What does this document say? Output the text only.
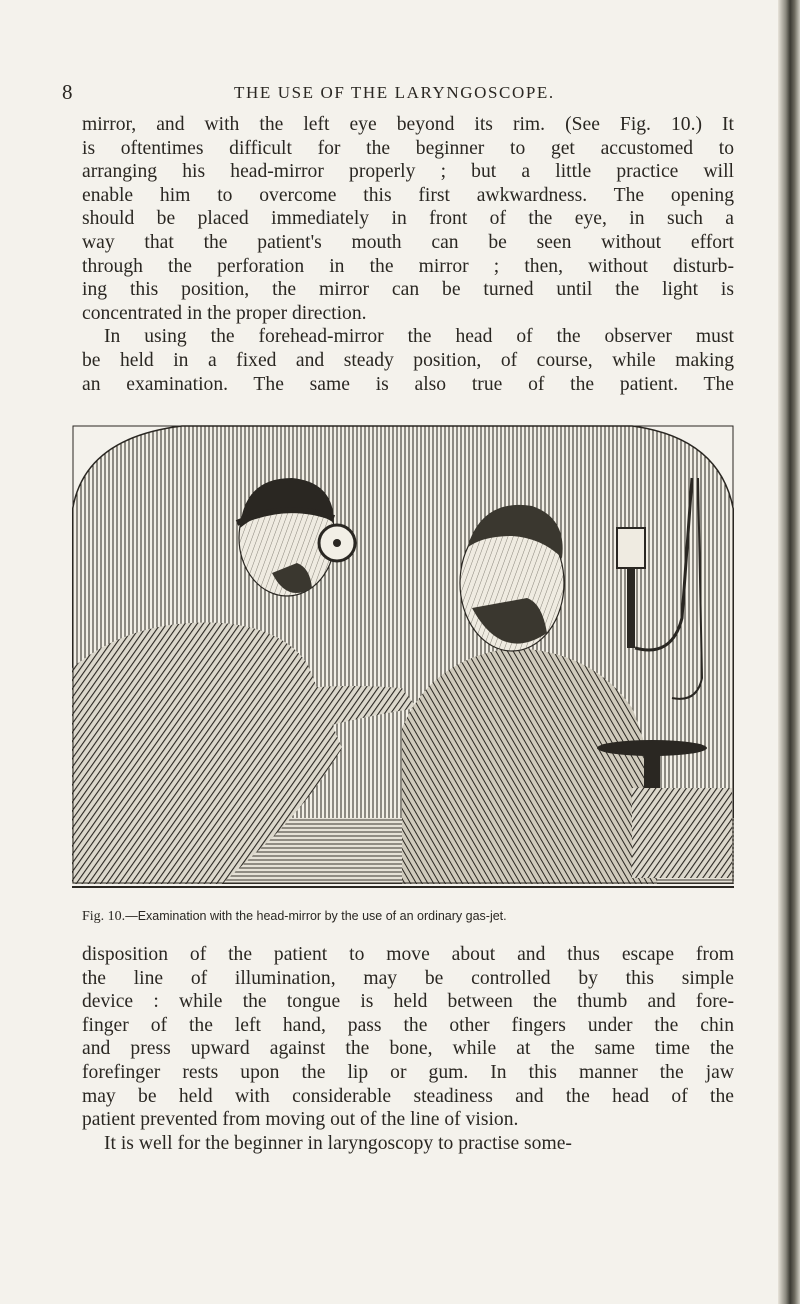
8	THE USE OF THE LARYNGOSCOPE.

mirror, and with the left eye beyond its rim. (See Fig. 10.) It
is oftentimes difficult for the beginner to get accustomed to
arranging his head-mirror properly ; but a little practice will
enable him to overcome this first awkwardness. The opening
should be placed immediately in front of the eye, in such a
way that the patient's mouth can be seen without effort
through the perforation in the mirror ; then, without disturb-
ing this position, the mirror can be turned until the light is
concentrated in the proper direction.
In using the forehead-mirror the head of the observer must
be held in a fixed and steady position, of course, while making
an examination. The same is also true of the patient. The

Fig. 10.—Examination with the head-mirror by the use of an ordinary gas-jet.

disposition of the patient to move about and thus escape from
the line of illumination, may be controlled by this simple
device : while the tongue is held between the thumb and fore-
finger of the left hand, pass the other fingers under the chin
and press upward against the bone, while at the same time the
forefinger rests upon the lip or gum. In this manner the jaw
may be held with considerable steadiness and the head of the
patient prevented from moving out of the line of vision.
It is well for the beginner in laryngoscopy to practise some-
